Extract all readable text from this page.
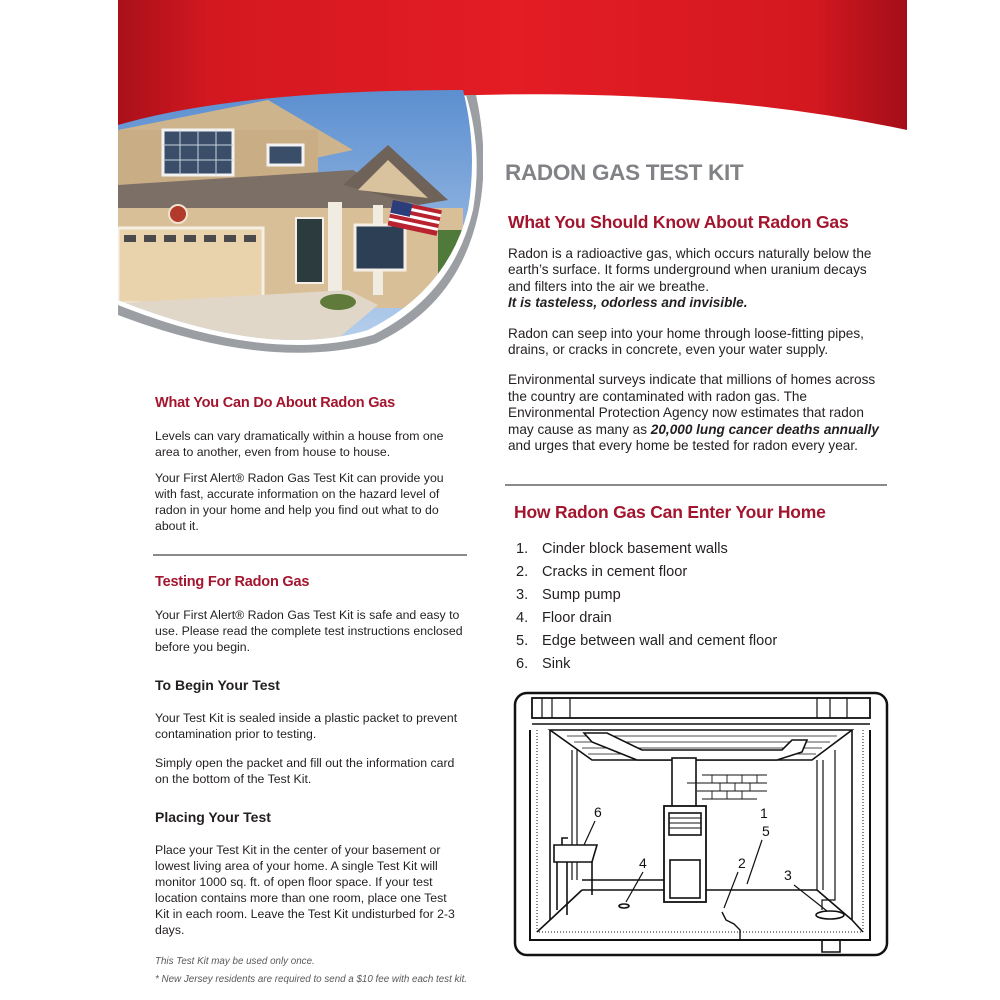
RADON GAS TEST KIT
What You Should Know About Radon Gas

Radon is a radioactive gas, which occurs naturally below the earth’s surface. It forms underground when uranium decays and filters into the air we breathe.
It is tasteless, odorless and invisible.

Radon can seep into your home through loose-fitting pipes, drains, or cracks in concrete, even your water supply.

Environmental surveys indicate that millions of homes across the country are contaminated with radon gas. The Environmental Protection Agency now estimates that radon may cause as many as 20,000 lung cancer deaths annually and urges that every home be tested for radon every year.

How Radon Gas Can Enter Your Home
1. Cinder block basement walls
2. Cracks in cement floor
3. Sump pump
4. Floor drain
5. Edge between wall and cement floor
6. Sink
1
2
3
4
5
6
What You Can Do About Radon Gas

Levels can vary dramatically within a house from one area to another, even from house to house.

Your First Alert® Radon Gas Test Kit can provide you with fast, accurate information on the hazard level of radon in your home and help you find out what to do about it.

Testing For Radon Gas

Your First Alert® Radon Gas Test Kit is safe and easy to use. Please read the complete test instructions enclosed before you begin.

To Begin Your Test

Your Test Kit is sealed inside a plastic packet to prevent contamination prior to testing.

Simply open the packet and fill out the information card on the bottom of the Test Kit.

Placing Your Test

Place your Test Kit in the center of your basement or lowest living area of your home. A single Test Kit will monitor 1000 sq. ft. of open floor space. If your test location contains more than one room, place one Test Kit in each room. Leave the Test Kit undisturbed for 2-3 days.

This Test Kit may be used only once.
* New Jersey residents are required to send a $10 fee with each test kit.
